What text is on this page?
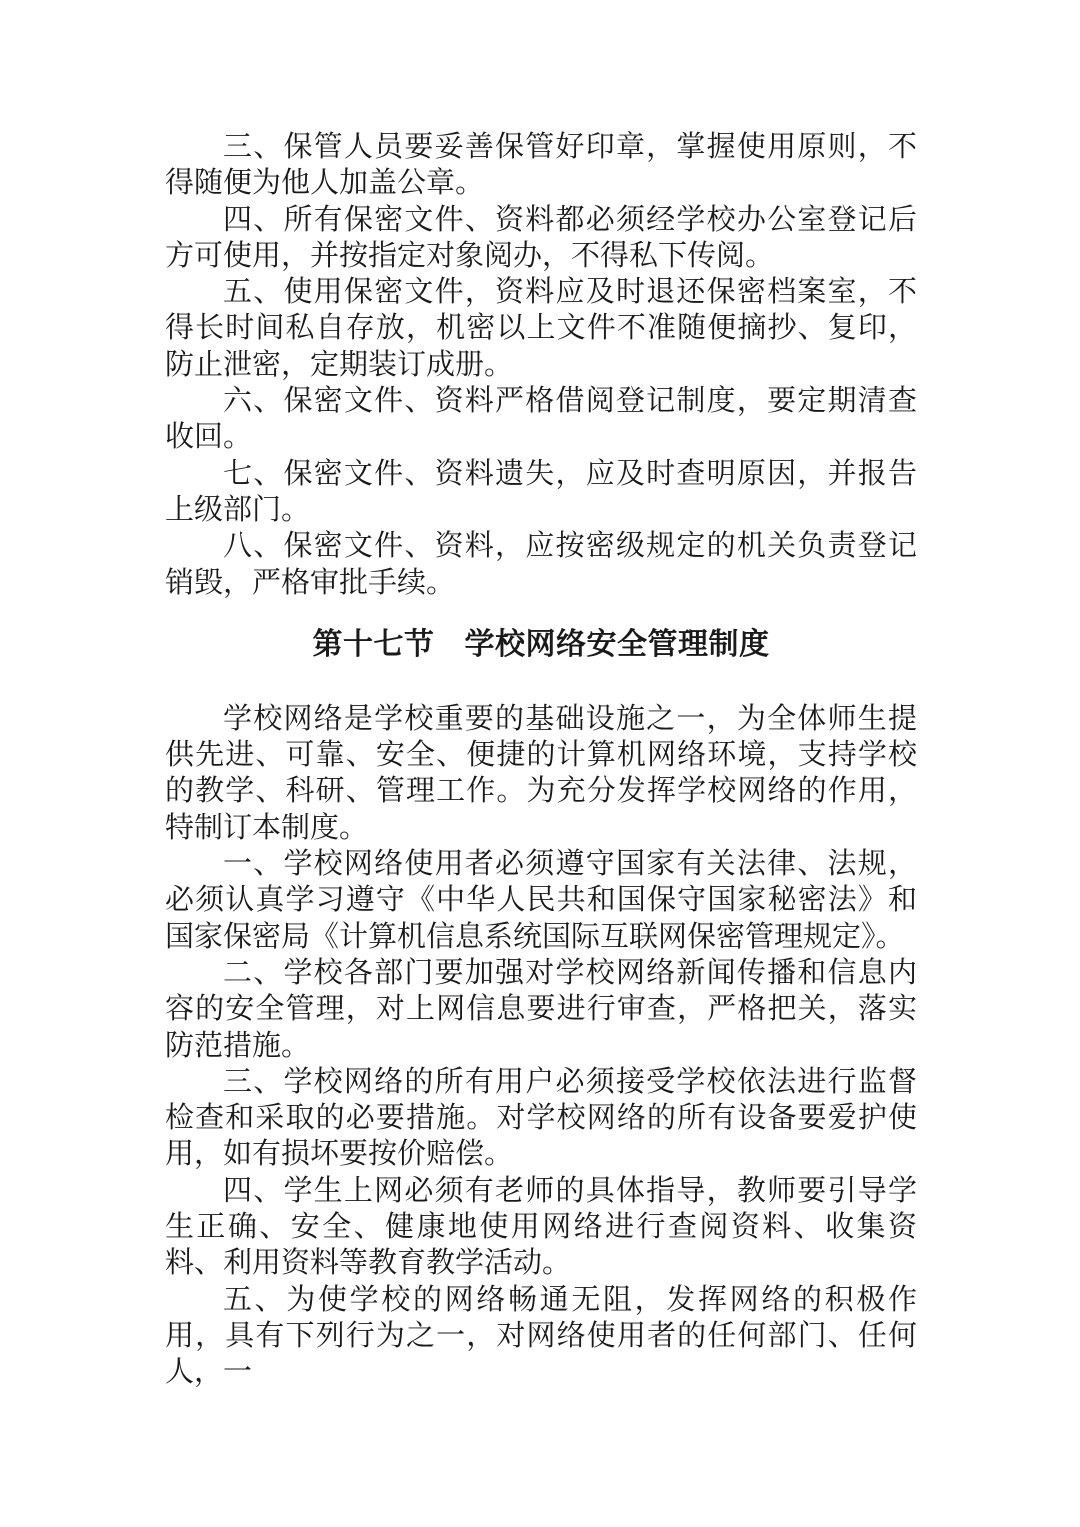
三、保管人员要妥善保管好印章，掌握使用原则，不得随便为他人加盖公章。

四、所有保密文件、资料都必须经学校办公室登记后方可使用，并按指定对象阅办，不得私下传阅。

五、使用保密文件，资料应及时退还保密档案室，不得长时间私自存放，机密以上文件不准随便摘抄、复印，防止泄密，定期装订成册。

六、保密文件、资料严格借阅登记制度，要定期清查收回。

七、保密文件、资料遗失，应及时查明原因，并报告上级部门。

八、保密文件、资料，应按密级规定的机关负责登记销毁，严格审批手续。

第十七节 学校网络安全管理制度

学校网络是学校重要的基础设施之一，为全体师生提供先进、可靠、安全、便捷的计算机网络环境，支持学校的教学、科研、管理工作。为充分发挥学校网络的作用，特制订本制度。

一、学校网络使用者必须遵守国家有关法律、法规，必须认真学习遵守《中华人民共和国保守国家秘密法》和国家保密局《计算机信息系统国际互联网保密管理规定》。

二、学校各部门要加强对学校网络新闻传播和信息内容的安全管理，对上网信息要进行审查，严格把关，落实防范措施。

三、学校网络的所有用户必须接受学校依法进行监督检查和采取的必要措施。对学校网络的所有设备要爱护使用，如有损坏要按价赔偿。

四、学生上网必须有老师的具体指导，教师要引导学生正确、安全、健康地使用网络进行查阅资料、收集资料、利用资料等教育教学活动。

五、为使学校的网络畅通无阻，发挥网络的积极作用，具有下列行为之一，对网络使用者的任何部门、任何人，一
